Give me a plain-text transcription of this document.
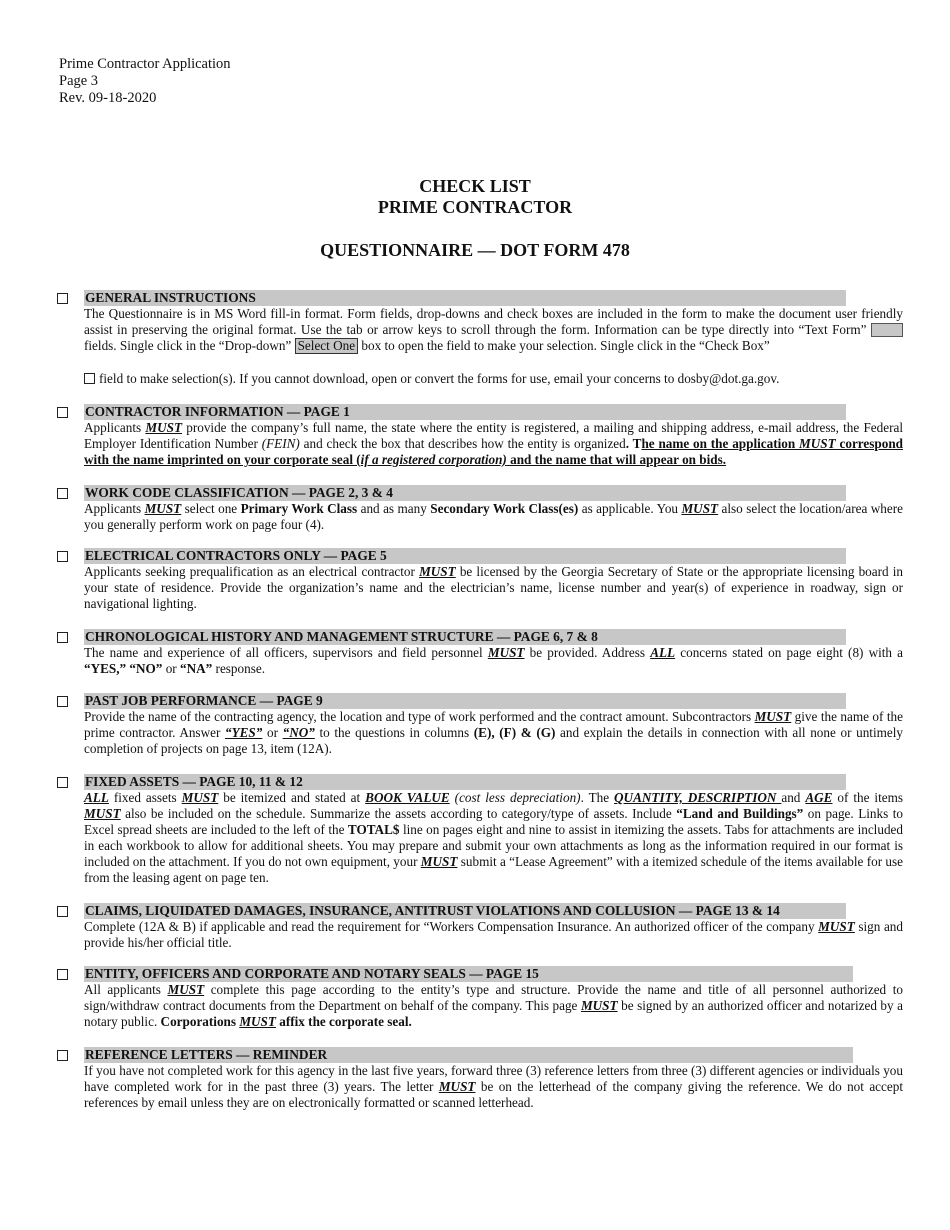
Prime Contractor Application
Page 3
Rev. 09-18-2020
CHECK LIST
PRIME CONTRACTOR
QUESTIONNAIRE — DOT FORM 478
GENERAL INSTRUCTIONS

The Questionnaire is in MS Word fill-in format. Form fields, drop-downs and check boxes are included in the form to make the document user friendly assist in preserving the original format. Use the tab or arrow keys to scroll through the form. Information can be type directly into “Text Form”  fields. Single click in the “Drop-down” Select One box to open the field to make your selection. Single click in the “Check Box”

field to make selection(s). If you cannot download, open or convert the forms for use, email your concerns to dosby@dot.ga.gov.

CONTRACTOR INFORMATION — PAGE 1

Applicants MUST provide the company’s full name, the state where the entity is registered, a mailing and shipping address, e-mail address, the Federal Employer Identification Number (FEIN) and check the box that describes how the entity is organized. The name on the application MUST correspond with the name imprinted on your corporate seal (if a registered corporation) and the name that will appear on bids.

WORK CODE CLASSIFICATION — PAGE 2, 3 & 4

Applicants MUST select one Primary Work Class and as many Secondary Work Class(es) as applicable. You MUST also select the location/area where you generally perform work on page four (4).

ELECTRICAL CONTRACTORS ONLY — PAGE 5

Applicants seeking prequalification as an electrical contractor MUST be licensed by the Georgia Secretary of State or the appropriate licensing board in your state of residence. Provide the organization’s name and the electrician’s name, license number and year(s) of experience in roadway, sign or navigational lighting.

CHRONOLOGICAL HISTORY AND MANAGEMENT STRUCTURE — PAGE 6, 7 & 8

The name and experience of all officers, supervisors and field personnel MUST be provided. Address ALL concerns stated on page eight (8) with a “YES,” “NO” or “NA” response.

PAST JOB PERFORMANCE — PAGE 9

Provide the name of the contracting agency, the location and type of work performed and the contract amount. Subcontractors MUST give the name of the prime contractor. Answer “YES” or “NO” to the questions in columns (E), (F) & (G) and explain the details in connection with all none or untimely completion of projects on page 13, item (12A).

FIXED ASSETS — PAGE 10, 11 & 12

ALL fixed assets MUST be itemized and stated at BOOK VALUE (cost less depreciation). The QUANTITY, DESCRIPTION and AGE of the items MUST also be included on the schedule. Summarize the assets according to category/type of assets. Include “Land and Buildings” on page. Links to Excel spread sheets are included to the left of the TOTAL$ line on pages eight and nine to assist in itemizing the assets. Tabs for attachments are included in each workbook to allow for additional sheets. You may prepare and submit your own attachments as long as the information required in our format is included on the attachment. If you do not own equipment, your MUST submit a “Lease Agreement” with a itemized schedule of the items available for use from the leasing agent on page ten.

CLAIMS, LIQUIDATED DAMAGES, INSURANCE, ANTITRUST VIOLATIONS AND COLLUSION — PAGE 13 & 14

Complete (12A & B) if applicable and read the requirement for “Workers Compensation Insurance. An authorized officer of the company MUST sign and provide his/her official title.

ENTITY, OFFICERS AND CORPORATE AND NOTARY SEALS — PAGE 15

All applicants MUST complete this page according to the entity’s type and structure. Provide the name and title of all personnel authorized to sign/withdraw contract documents from the Department on behalf of the company. This page MUST be signed by an authorized officer and notarized by a notary public. Corporations MUST affix the corporate seal.

REFERENCE LETTERS — REMINDER

If you have not completed work for this agency in the last five years, forward three (3) reference letters from three (3) different agencies or individuals you have completed work for in the past three (3) years. The letter MUST be on the letterhead of the company giving the reference. We do not accept references by email unless they are on electronically formatted or scanned letterhead.
